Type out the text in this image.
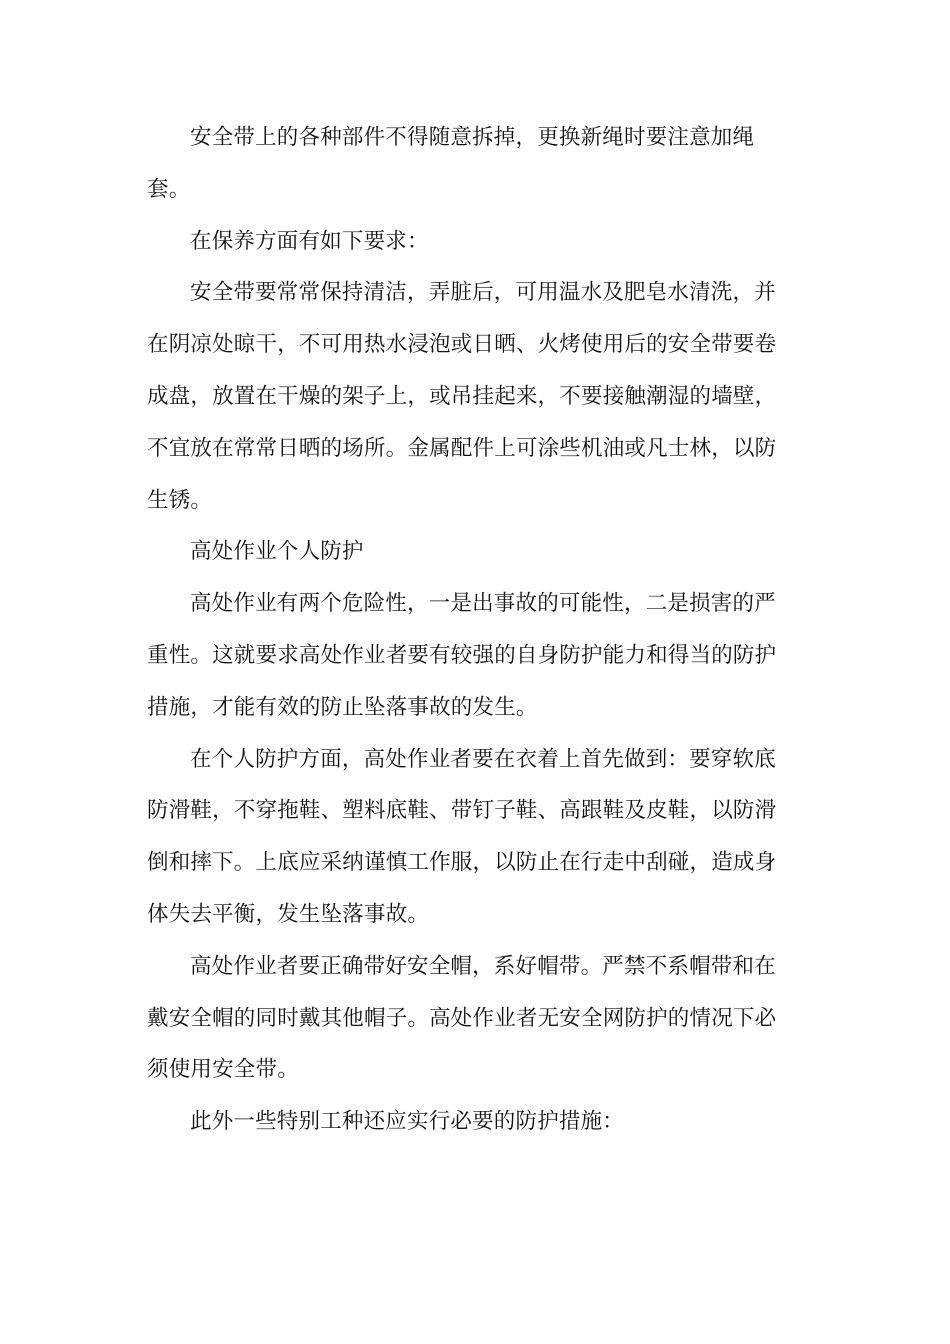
安全带上的各种部件不得随意拆掉，更换新绳时要注意加绳
套。

在保养方面有如下要求：

安全带要常常保持清洁，弄脏后，可用温水及肥皂水清洗，并
在阴凉处晾干，不可用热水浸泡或日晒、火烤使用后的安全带要卷
成盘，放置在干燥的架子上，或吊挂起来，不要接触潮湿的墙壁，
不宜放在常常日晒的场所。金属配件上可涂些机油或凡士林，以防
生锈。

高处作业个人防护

高处作业有两个危险性，一是出事故的可能性，二是损害的严
重性。这就要求高处作业者要有较强的自身防护能力和得当的防护
措施，才能有效的防止坠落事故的发生。

在个人防护方面，高处作业者要在衣着上首先做到：要穿软底
防滑鞋，不穿拖鞋、塑料底鞋、带钉子鞋、高跟鞋及皮鞋，以防滑
倒和摔下。上底应采纳谨慎工作服，以防止在行走中刮碰，造成身
体失去平衡，发生坠落事故。

高处作业者要正确带好安全帽，系好帽带。严禁不系帽带和在
戴安全帽的同时戴其他帽子。高处作业者无安全网防护的情况下必
须使用安全带。

此外一些特别工种还应实行必要的防护措施：
